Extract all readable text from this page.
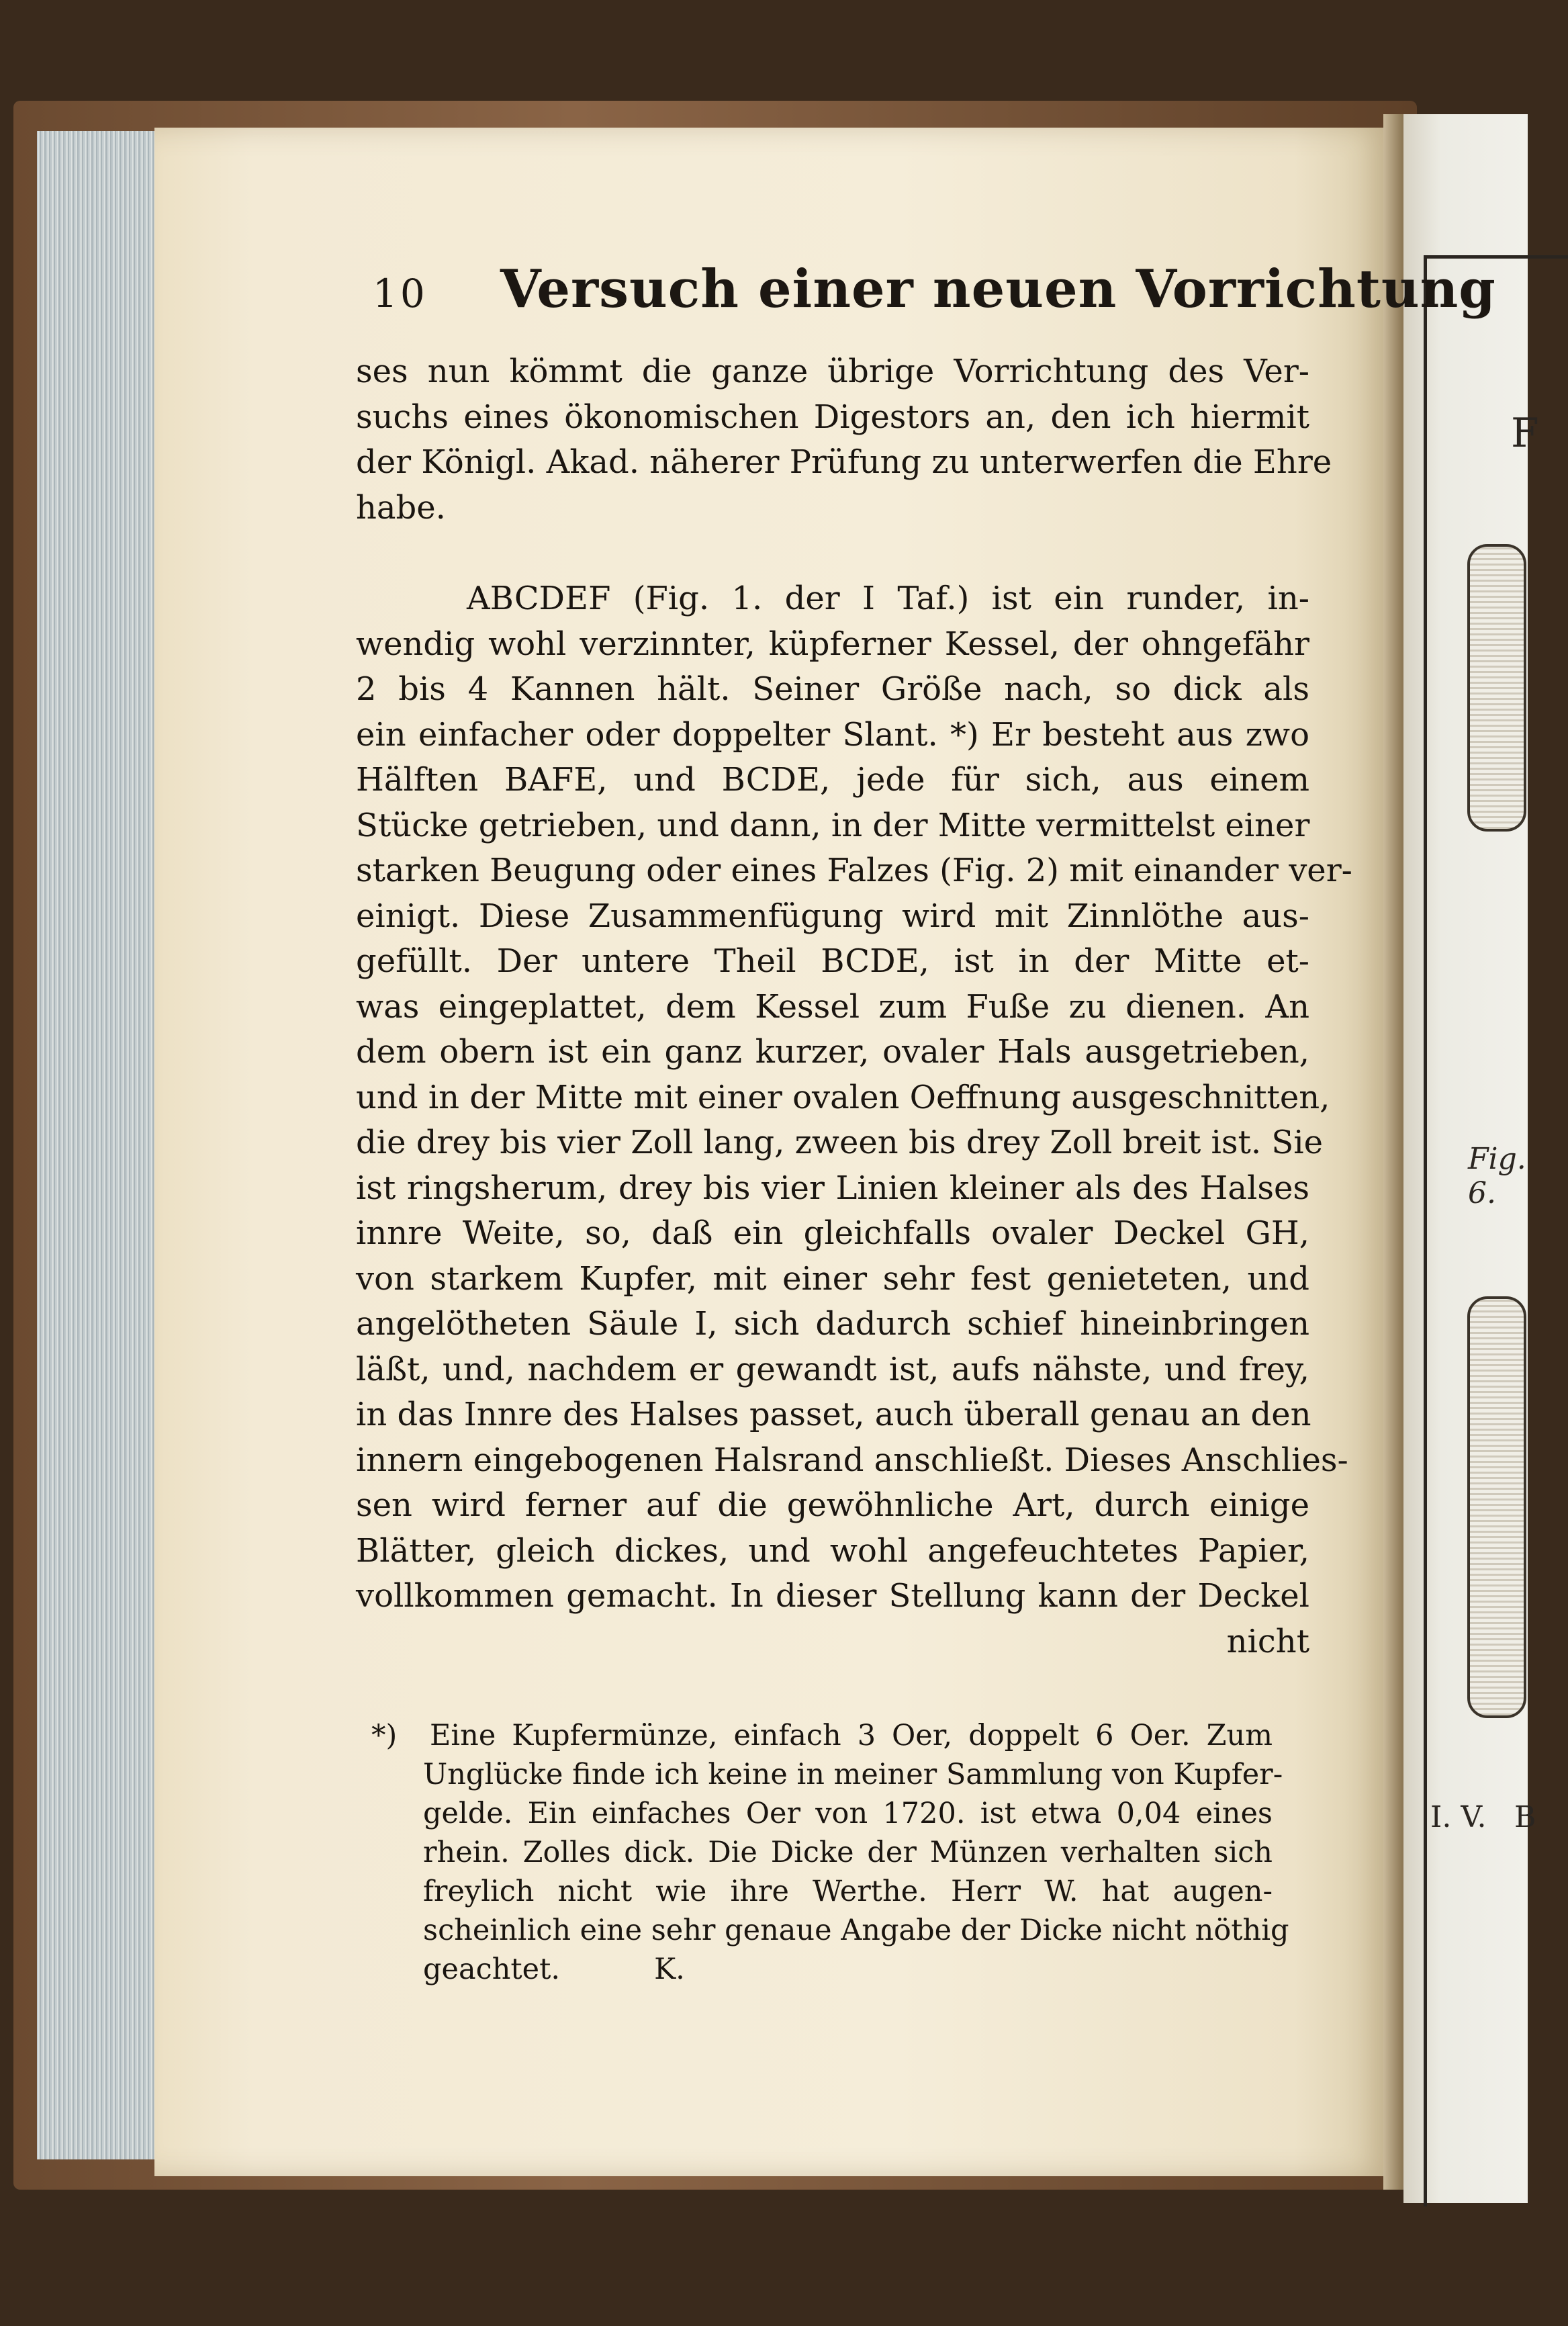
F
Fig. 6.
I. V. B
10 Versuch einer neuen Vorrichtung
ses nun kömmt die ganze übrige Vorrichtung des Ver-
suchs eines ökonomischen Digestors an, den ich hiermit
der Königl. Akad. näherer Prüfung zu unterwerfen die Ehre
habe.
ABCDEF (Fig. 1. der I Taf.) ist ein runder, in-
wendig wohl verzinnter, küpferner Kessel, der ohngefähr
2 bis 4 Kannen hält. Seiner Größe nach, so dick als
ein einfacher oder doppelter Slant. *) Er besteht aus zwo
Hälften BAFE, und BCDE, jede für sich, aus einem
Stücke getrieben, und dann, in der Mitte vermittelst einer
starken Beugung oder eines Falzes (Fig. 2) mit einander ver-
einigt. Diese Zusammenfügung wird mit Zinnlöthe aus-
gefüllt. Der untere Theil BCDE, ist in der Mitte et-
was eingeplattet, dem Kessel zum Fuße zu dienen. An
dem obern ist ein ganz kurzer, ovaler Hals ausgetrieben,
und in der Mitte mit einer ovalen Oeffnung ausgeschnitten,
die drey bis vier Zoll lang, zween bis drey Zoll breit ist. Sie
ist ringsherum, drey bis vier Linien kleiner als des Halses
innre Weite, so, daß ein gleichfalls ovaler Deckel GH,
von starkem Kupfer, mit einer sehr fest genieteten, und
angelötheten Säule I, sich dadurch schief hineinbringen
läßt, und, nachdem er gewandt ist, aufs nähste, und frey,
in das Innre des Halses passet, auch überall genau an den
innern eingebogenen Halsrand anschließt. Dieses Anschlies-
sen wird ferner auf die gewöhnliche Art, durch einige
Blätter, gleich dickes, und wohl angefeuchtetes Papier,
vollkommen gemacht. In dieser Stellung kann der Deckel
nicht
*)	Eine Kupfermünze, einfach 3 Oer, doppelt 6 Oer. Zum
Unglücke finde ich keine in meiner Sammlung von Kupfer-
gelde. Ein einfaches Oer von 1720. ist etwa 0,04 eines
rhein. Zolles dick. Die Dicke der Münzen verhalten sich
freylich nicht wie ihre Werthe. Herr W. hat augen-
scheinlich eine sehr genaue Angabe der Dicke nicht nöthig
geachtet.	K.
